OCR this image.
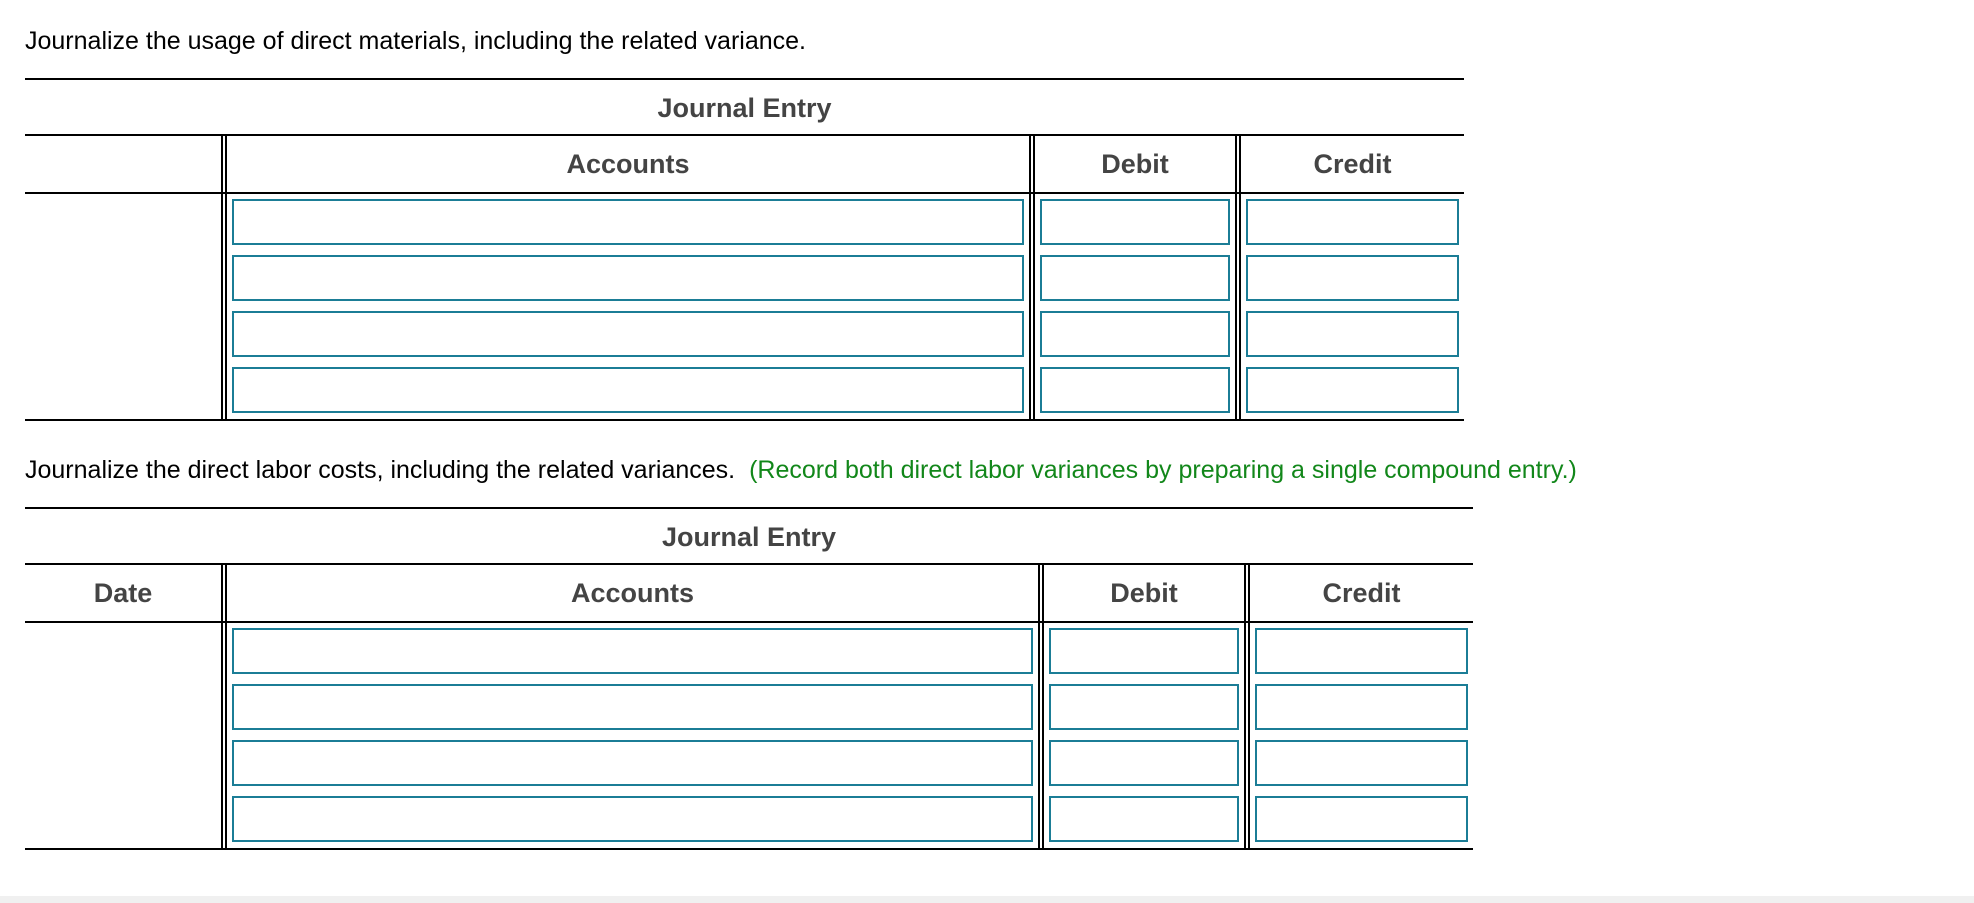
Journalize the usage of direct materials, including the related variance.
Journal Entry
Accounts	Debit	Credit
Journalize the direct labor costs, including the related variances. (Record both direct labor variances by preparing a single compound entry.)
Journal Entry
Date	Accounts	Debit	Credit
